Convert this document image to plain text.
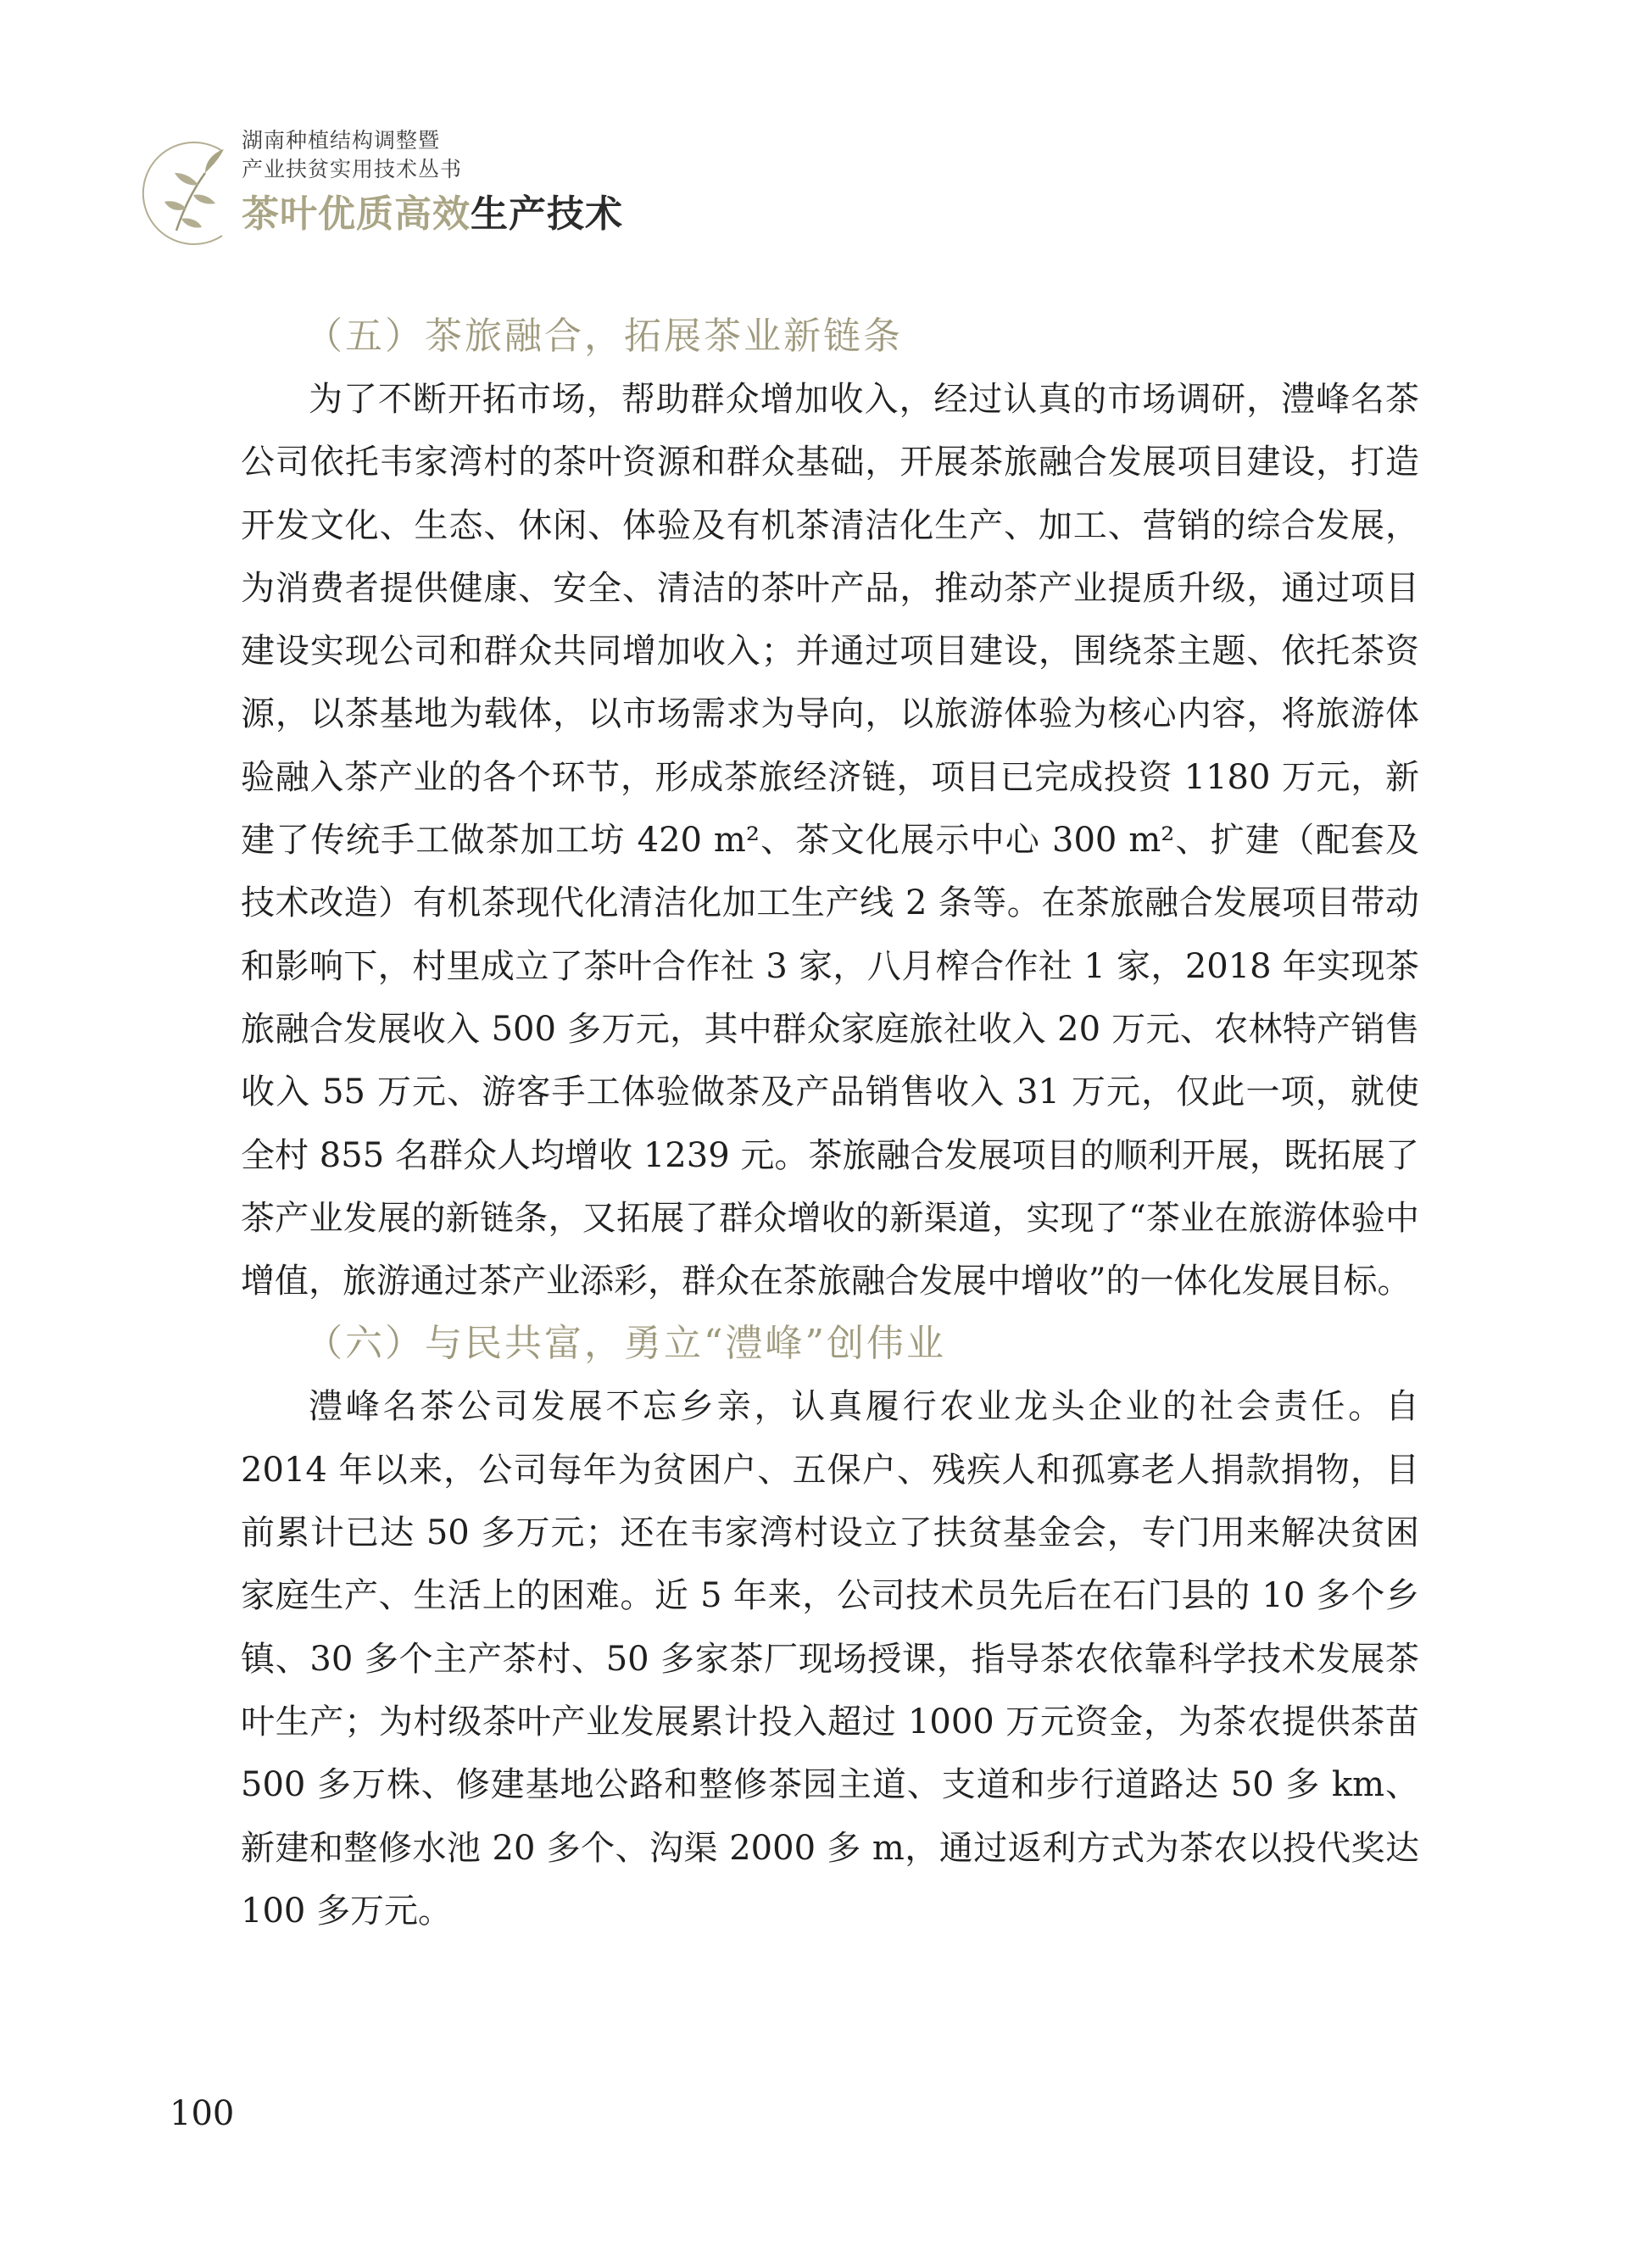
湖南种植结构调整暨
产业扶贫实用技术丛书
茶叶优质高效生产技术
（五）茶旅融合，拓展茶业新链条

为了不断开拓市场，帮助群众增加收入，经过认真的市场调研，澧峰名茶公司依托韦家湾村的茶叶资源和群众基础，开展茶旅融合发展项目建设，打造开发文化、生态、休闲、体验及有机茶清洁化生产、加工、营销的综合发展，为消费者提供健康、安全、清洁的茶叶产品，推动茶产业提质升级，通过项目建设实现公司和群众共同增加收入；并通过项目建设，围绕茶主题、依托茶资源，以茶基地为载体，以市场需求为导向，以旅游体验为核心内容，将旅游体验融入茶产业的各个环节，形成茶旅经济链，项目已完成投资 1180 万元，新建了传统手工做茶加工坊 420 m²、茶文化展示中心 300 m²、扩建（配套及技术改造）有机茶现代化清洁化加工生产线 2 条等。在茶旅融合发展项目带动和影响下，村里成立了茶叶合作社 3 家，八月榨合作社 1 家，2018 年实现茶旅融合发展收入 500 多万元，其中群众家庭旅社收入 20 万元、农林特产销售收入 55 万元、游客手工体验做茶及产品销售收入 31 万元，仅此一项，就使全村 855 名群众人均增收 1239 元。茶旅融合发展项目的顺利开展，既拓展了茶产业发展的新链条，又拓展了群众增收的新渠道，实现了“茶业在旅游体验中增值，旅游通过茶产业添彩，群众在茶旅融合发展中增收”的一体化发展目标。

（六）与民共富，勇立“澧峰”创伟业

澧峰名茶公司发展不忘乡亲，认真履行农业龙头企业的社会责任。自 2014 年以来，公司每年为贫困户、五保户、残疾人和孤寡老人捐款捐物，目前累计已达 50 多万元；还在韦家湾村设立了扶贫基金会，专门用来解决贫困家庭生产、生活上的困难。近 5 年来，公司技术员先后在石门县的 10 多个乡镇、30 多个主产茶村、50 多家茶厂现场授课，指导茶农依靠科学技术发展茶叶生产；为村级茶叶产业发展累计投入超过 1000 万元资金，为茶农提供茶苗 500 多万株、修建基地公路和整修茶园主道、支道和步行道路达 50 多 km、新建和整修水池 20 多个、沟渠 2000 多 m，通过返利方式为茶农以投代奖达 100 多万元。

100
